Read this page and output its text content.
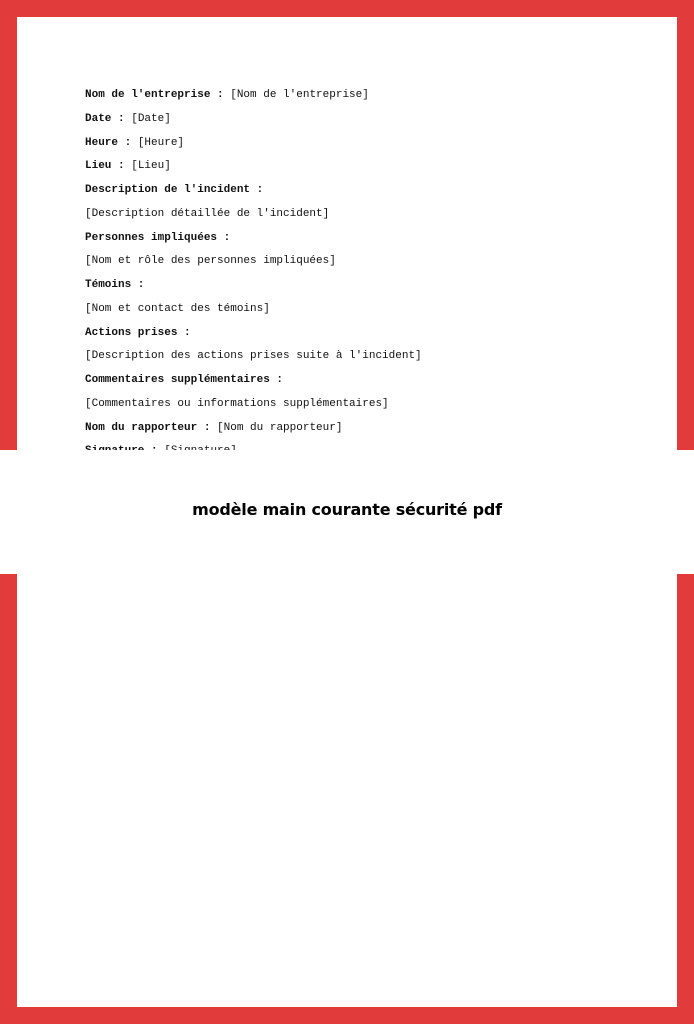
Nom de l'entreprise : [Nom de l'entreprise]
Date : [Date]
Heure : [Heure]
Lieu : [Lieu]
Description de l'incident :
[Description détaillée de l'incident]
Personnes impliquées :
[Nom et rôle des personnes impliquées]
Témoins :
[Nom et contact des témoins]
Actions prises :
[Description des actions prises suite à l'incident]
Commentaires supplémentaires :
[Commentaires ou informations supplémentaires]
Nom du rapporteur : [Nom du rapporteur]
modèle main courante sécurité pdf
